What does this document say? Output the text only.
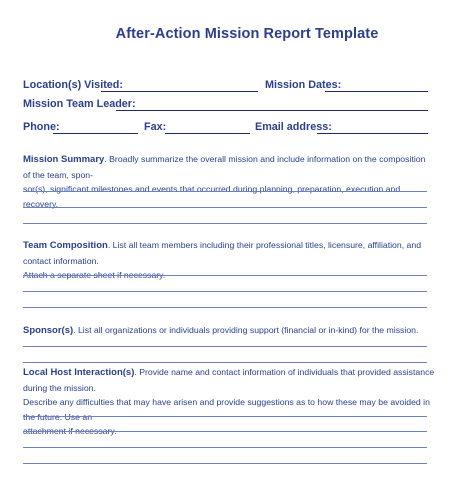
After-Action Mission Report Template
Location(s) Visited:	Mission Dates:
Mission Team Leader:
Phone:	Fax:	Email address:
Mission Summary. Broadly summarize the overall mission and include information on the composition of the team, spon-
sor(s), significant milestones and events that occurred during planning, preparation, execution and recovery.
Team Composition. List all team members including their professional titles, licensure, affiliation, and contact information.
Attach a separate sheet if necessary.
Sponsor(s). List all organizations or individuals providing support (financial or in-kind) for the mission.
Local Host Interaction(s). Provide name and contact information of individuals that provided assistance during the mission.
Describe any difficulties that may have arisen and provide suggestions as to how these may be avoided in the future. Use an
attachment if necessary.
